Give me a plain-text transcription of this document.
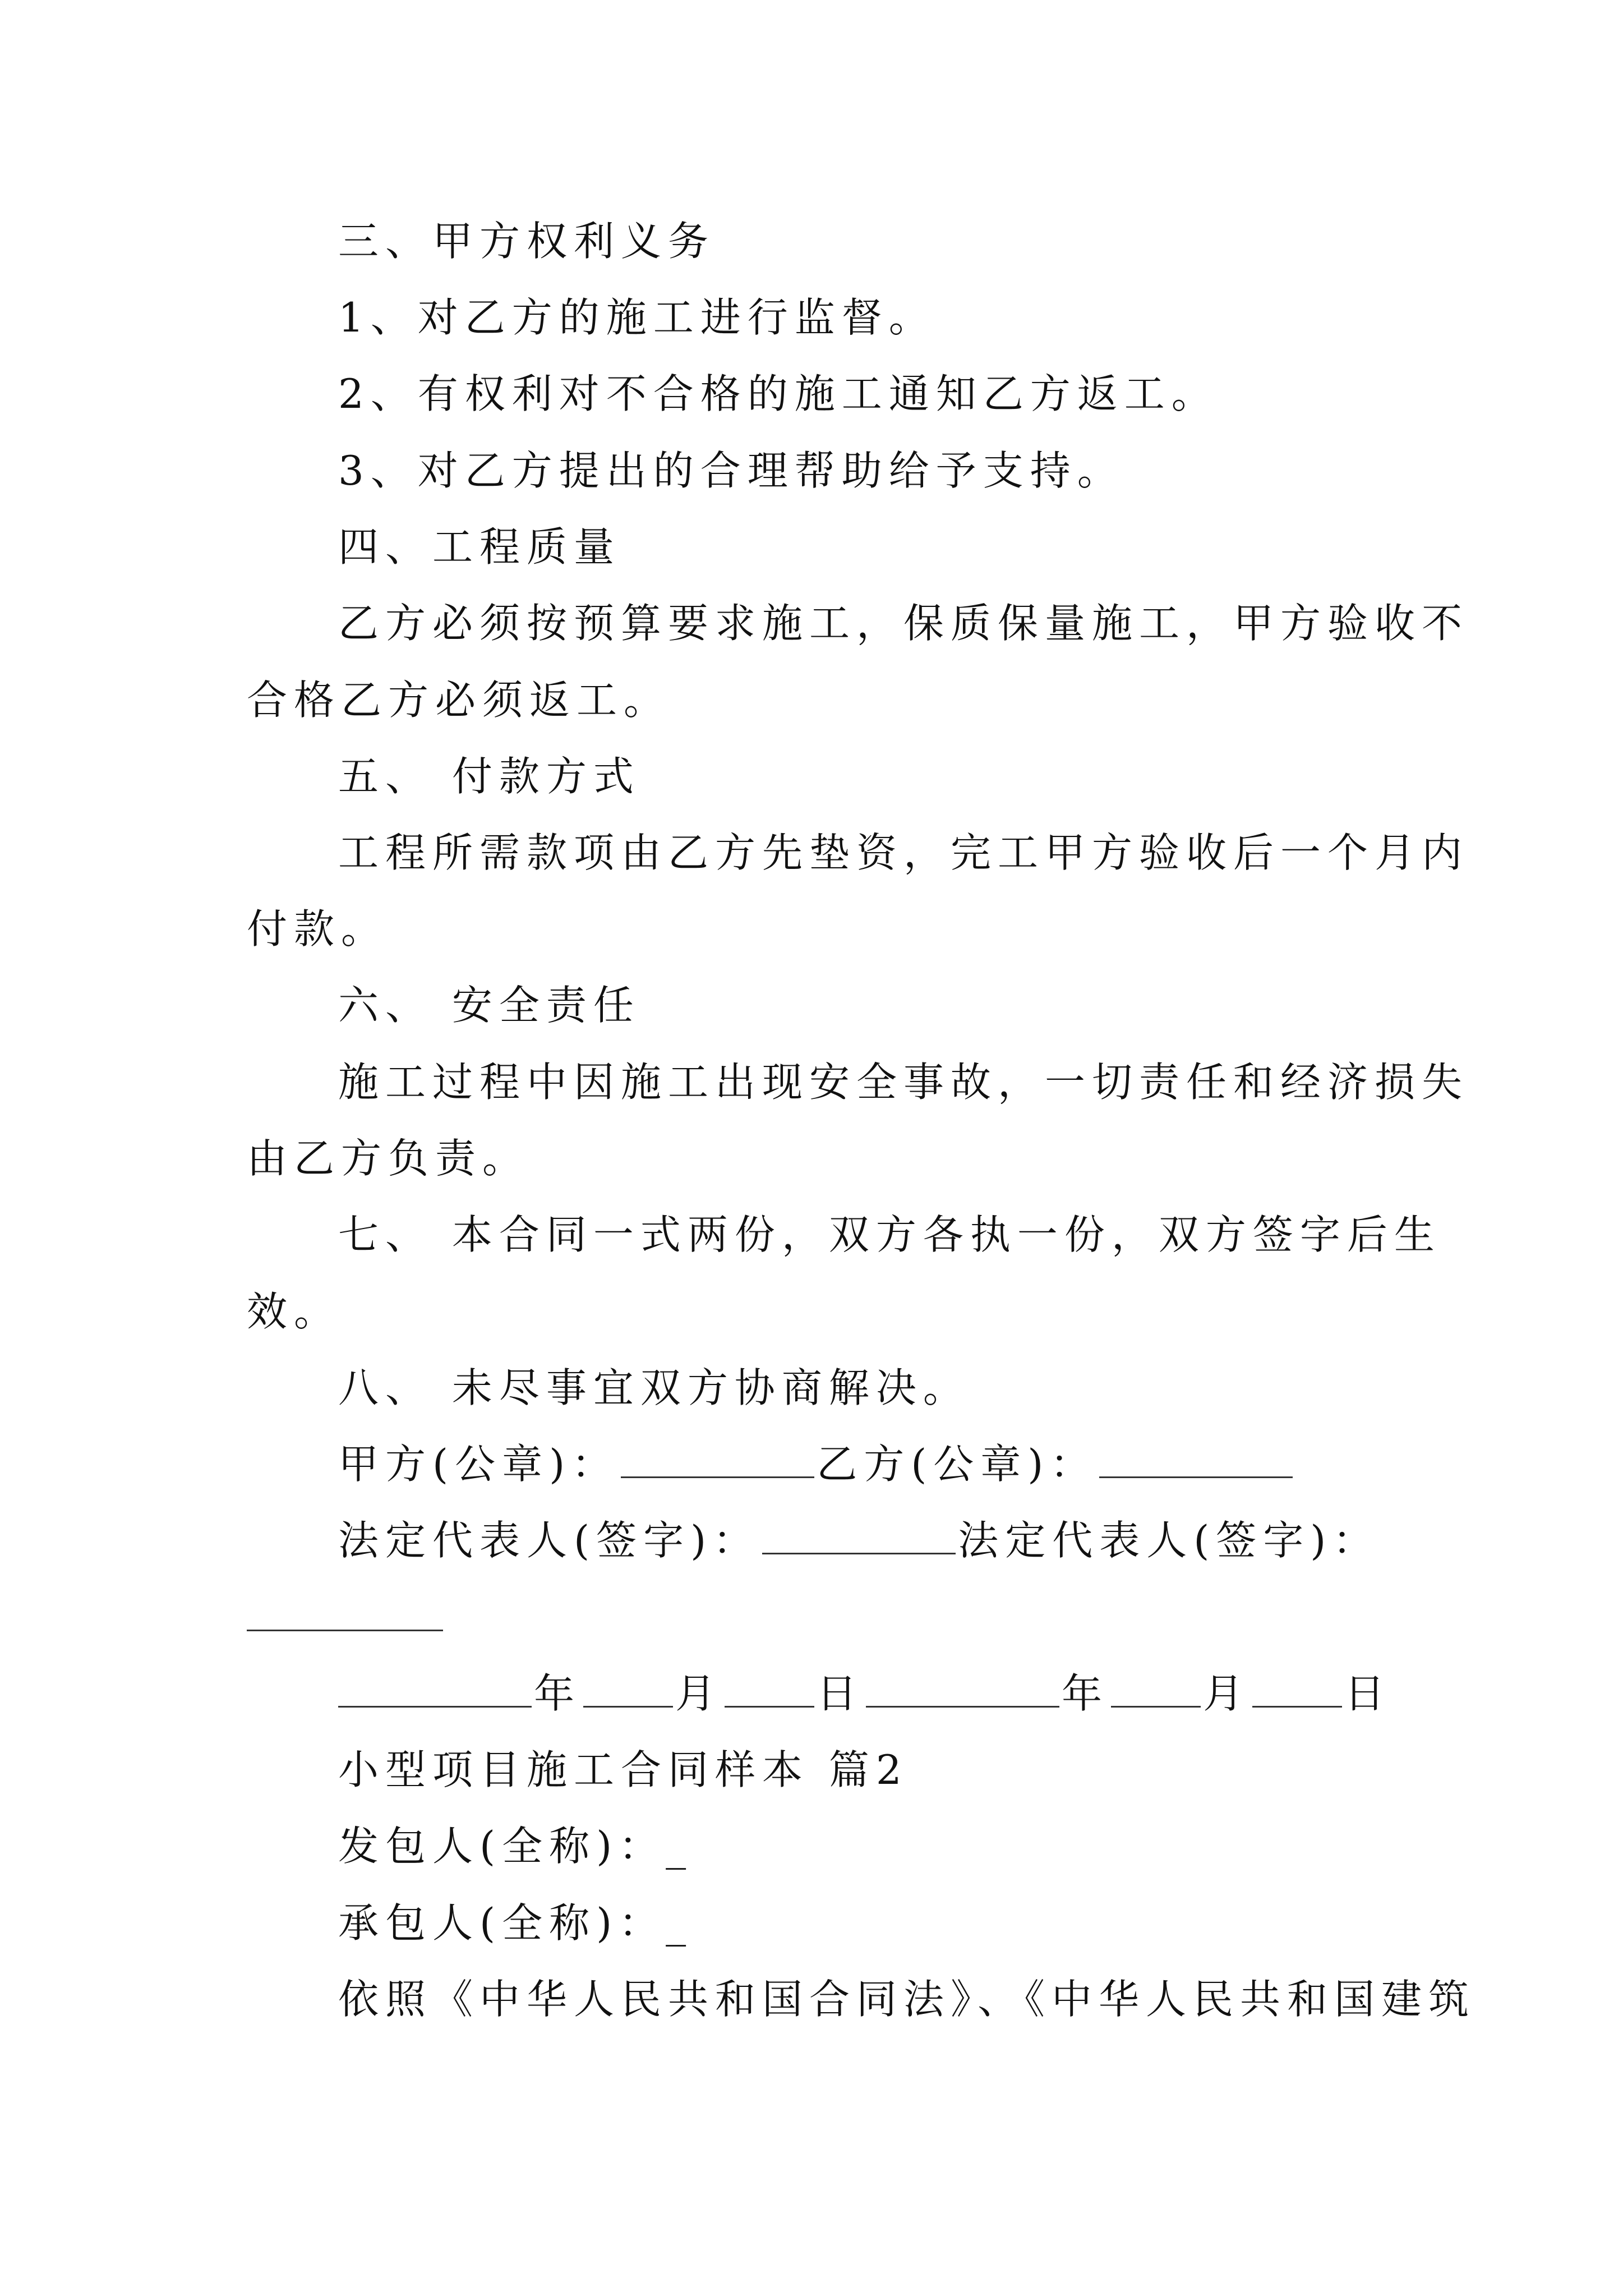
三、甲方权利义务
1、对乙方的施工进行监督。
2、有权利对不合格的施工通知乙方返工。
3、对乙方提出的合理帮助给予支持。
四、工程质量
乙方必须按预算要求施工，保质保量施工，甲方验收不
合格乙方必须返工。
五、 付款方式
工程所需款项由乙方先垫资，完工甲方验收后一个月内
付款。
六、 安全责任
施工过程中因施工出现安全事故，一切责任和经济损失
由乙方负责。
七、 本合同一式两份，双方各执一份，双方签字后生
效。
八、 未尽事宜双方协商解决。
甲方(公章)：	乙方(公章)：
法定代表人(签字)：	法定代表人(签字)：
年 月 日	年 月 日
小型项目施工合同样本 篇2
发包人(全称)：_
承包人(全称)：_
依照《中华人民共和国合同法》、《中华人民共和国建筑
